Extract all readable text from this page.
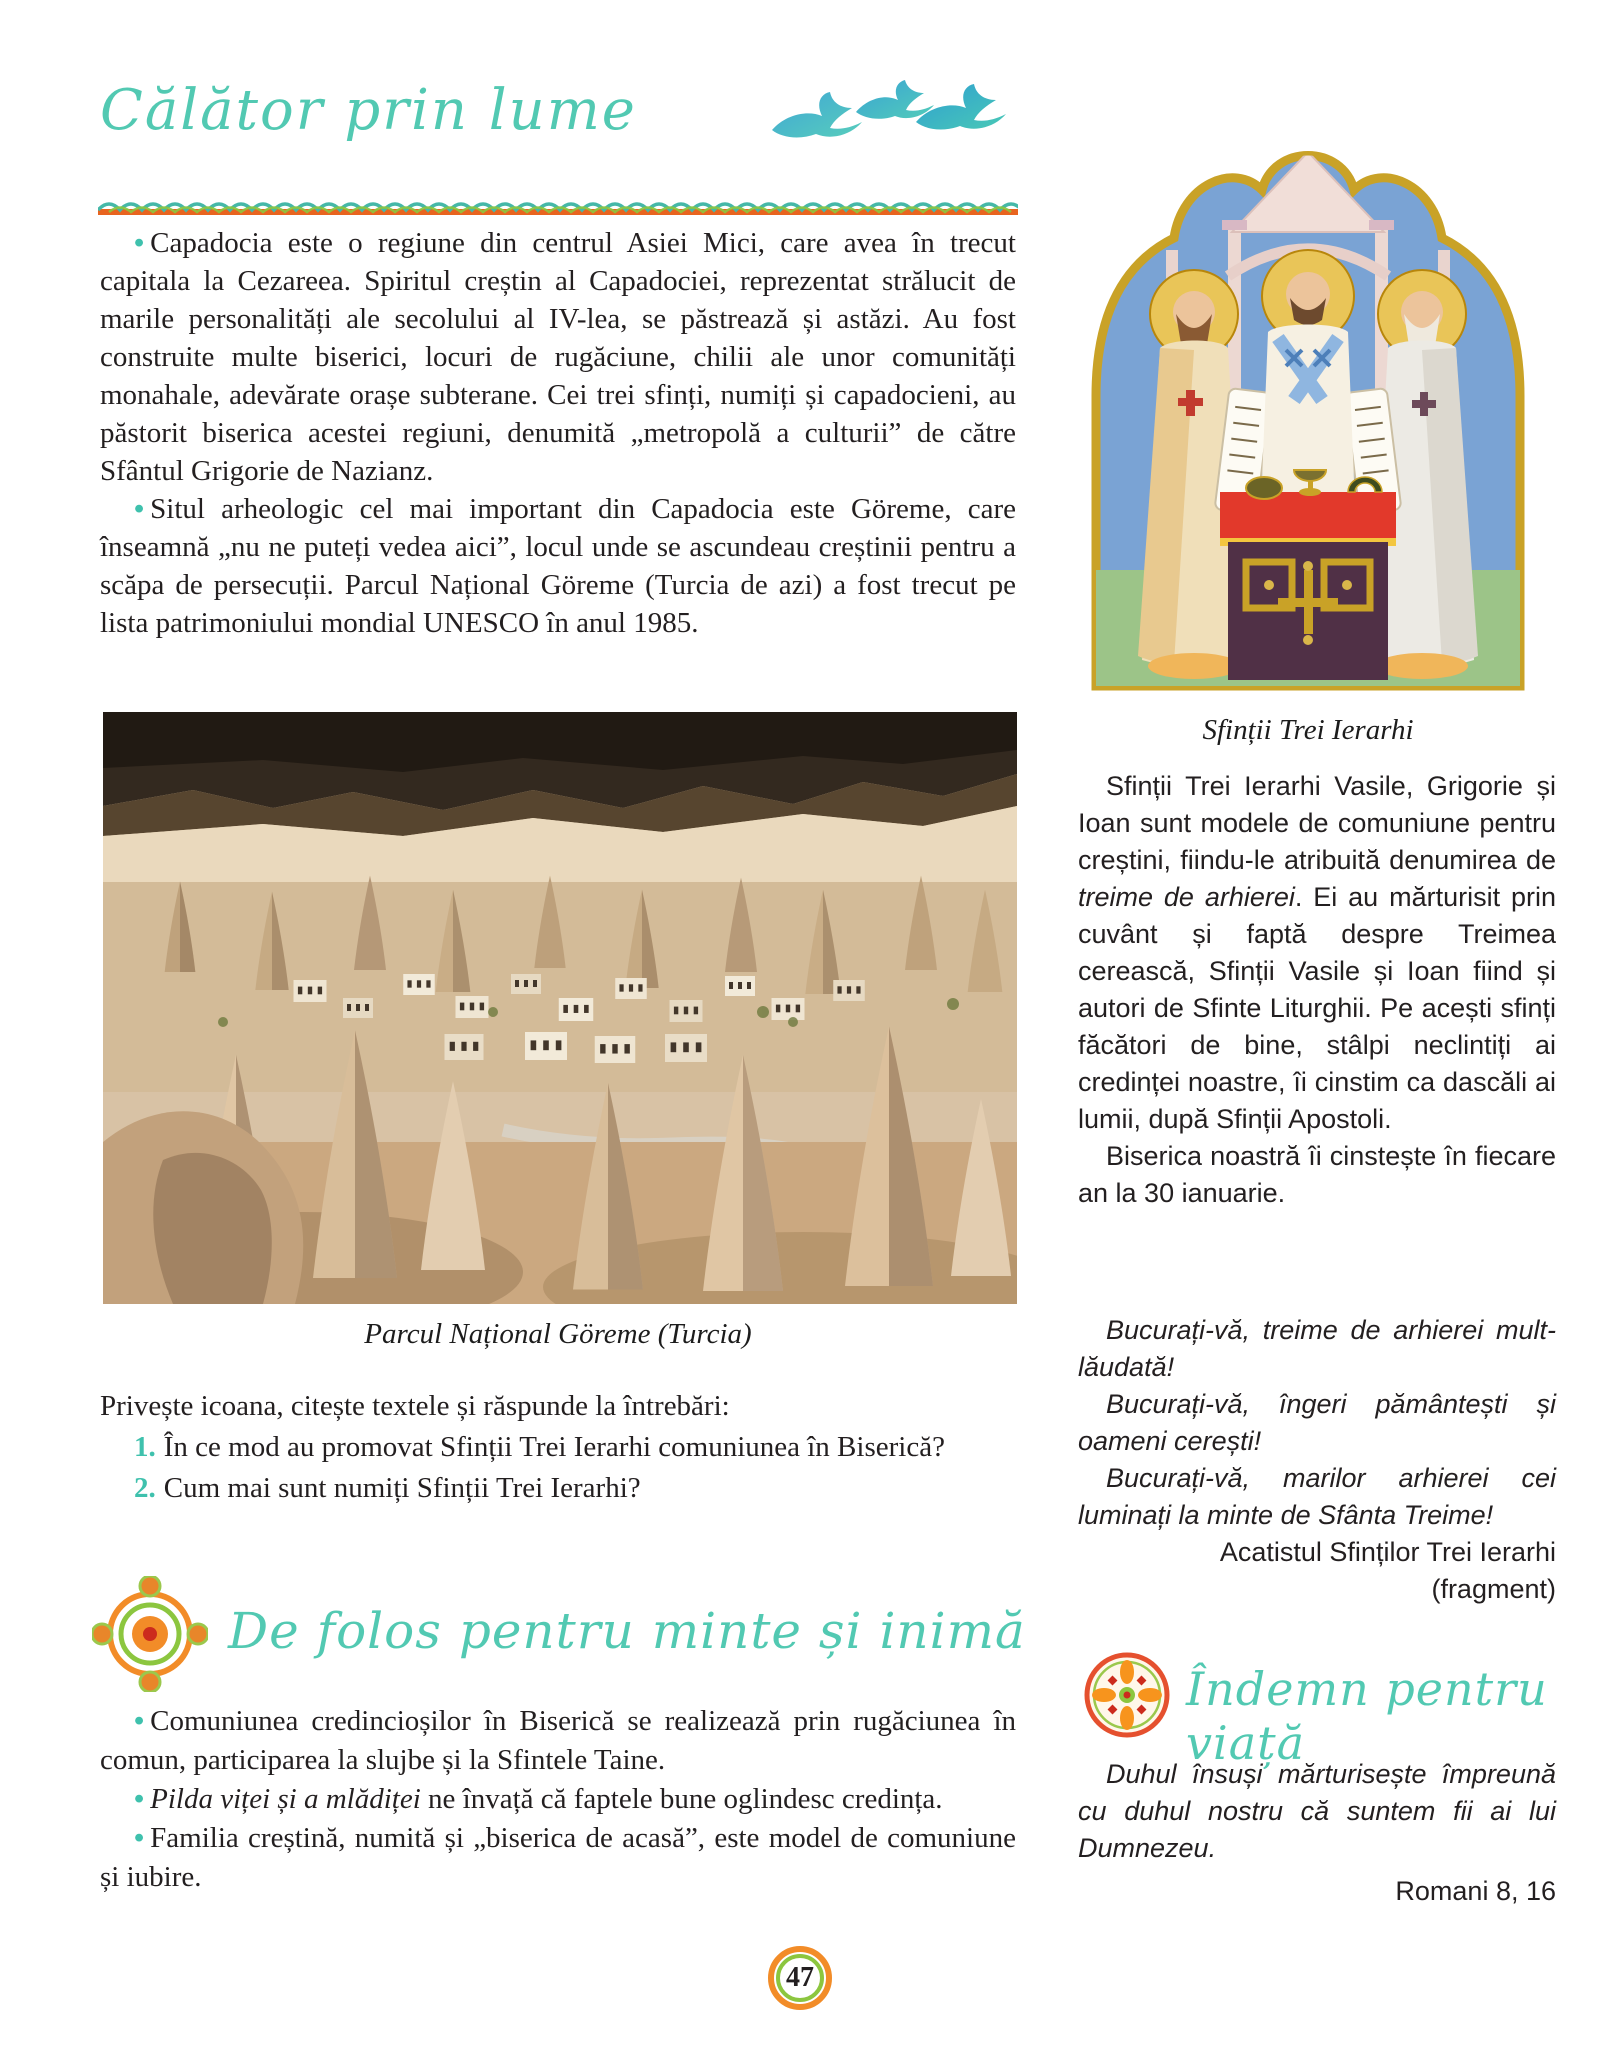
Călător prin lume

• Capadocia este o regiune din centrul Asiei Mici, care avea în trecut capitala la Cezareea. Spiritul creștin al Capadociei, reprezentat strălucit de marile personalități ale secolului al IV-lea, se păstrează și astăzi. Au fost construite multe biserici, locuri de rugăciune, chilii ale unor comunități monahale, adevărate orașe subterane. Cei trei sfinți, numiți și capadocieni, au păstorit biserica acestei regiuni, denumită „metropolă a culturii” de către Sfântul Grigorie de Nazianz.

• Situl arheologic cel mai important din Capadocia este Göreme, care înseamnă „nu ne puteți vedea aici”, locul unde se ascundeau creștinii pentru a scăpa de persecuții. Parcul Național Göreme (Turcia de azi) a fost trecut pe lista patrimoniului mondial UNESCO în anul 1985.

Parcul Național Göreme (Turcia)

Privește icoana, citește textele și răspunde la întrebări:

1. În ce mod au promovat Sfinții Trei Ierarhi comuniunea în Biserică?

2. Cum mai sunt numiți Sfinții Trei Ierarhi?

De folos pentru minte și inimă

• Comuniunea credincioșilor în Biserică se realizează prin rugăciunea în comun, participarea la slujbe și la Sfintele Taine.

• Pilda viței și a mlădiței ne învață că faptele bune oglindesc credința.

• Familia creștină, numită și „biserica de acasă”, este model de comuniune și iubire.

47

Sfinții Trei Ierarhi

Sfinții Trei Ierarhi Vasile, Grigorie și Ioan sunt modele de comuniune pentru creștini, fiindu-le atribuită denumirea de treime de arhierei. Ei au mărturisit prin cuvânt și faptă despre Treimea cerească, Sfinții Vasile și Ioan fiind și autori de Sfinte Liturghii. Pe acești sfinți făcători de bine, stâlpi neclintiți ai credinței noastre, îi cinstim ca dascăli ai lumii, după Sfinții Apostoli.

Biserica noastră îi cinstește în fiecare an la 30 ianuarie.

Bucurați-vă, treime de arhierei mult-lăudată!

Bucurați-vă, îngeri pământești și oameni cerești!

Bucurați-vă, marilor arhierei cei luminați la minte de Sfânta Treime!

Acatistul Sfinților Trei Ierarhi

(fragment)

Îndemn pentru viață

Duhul însuși mărturisește împreună cu duhul nostru că suntem fii ai lui Dumnezeu.

Romani 8, 16
